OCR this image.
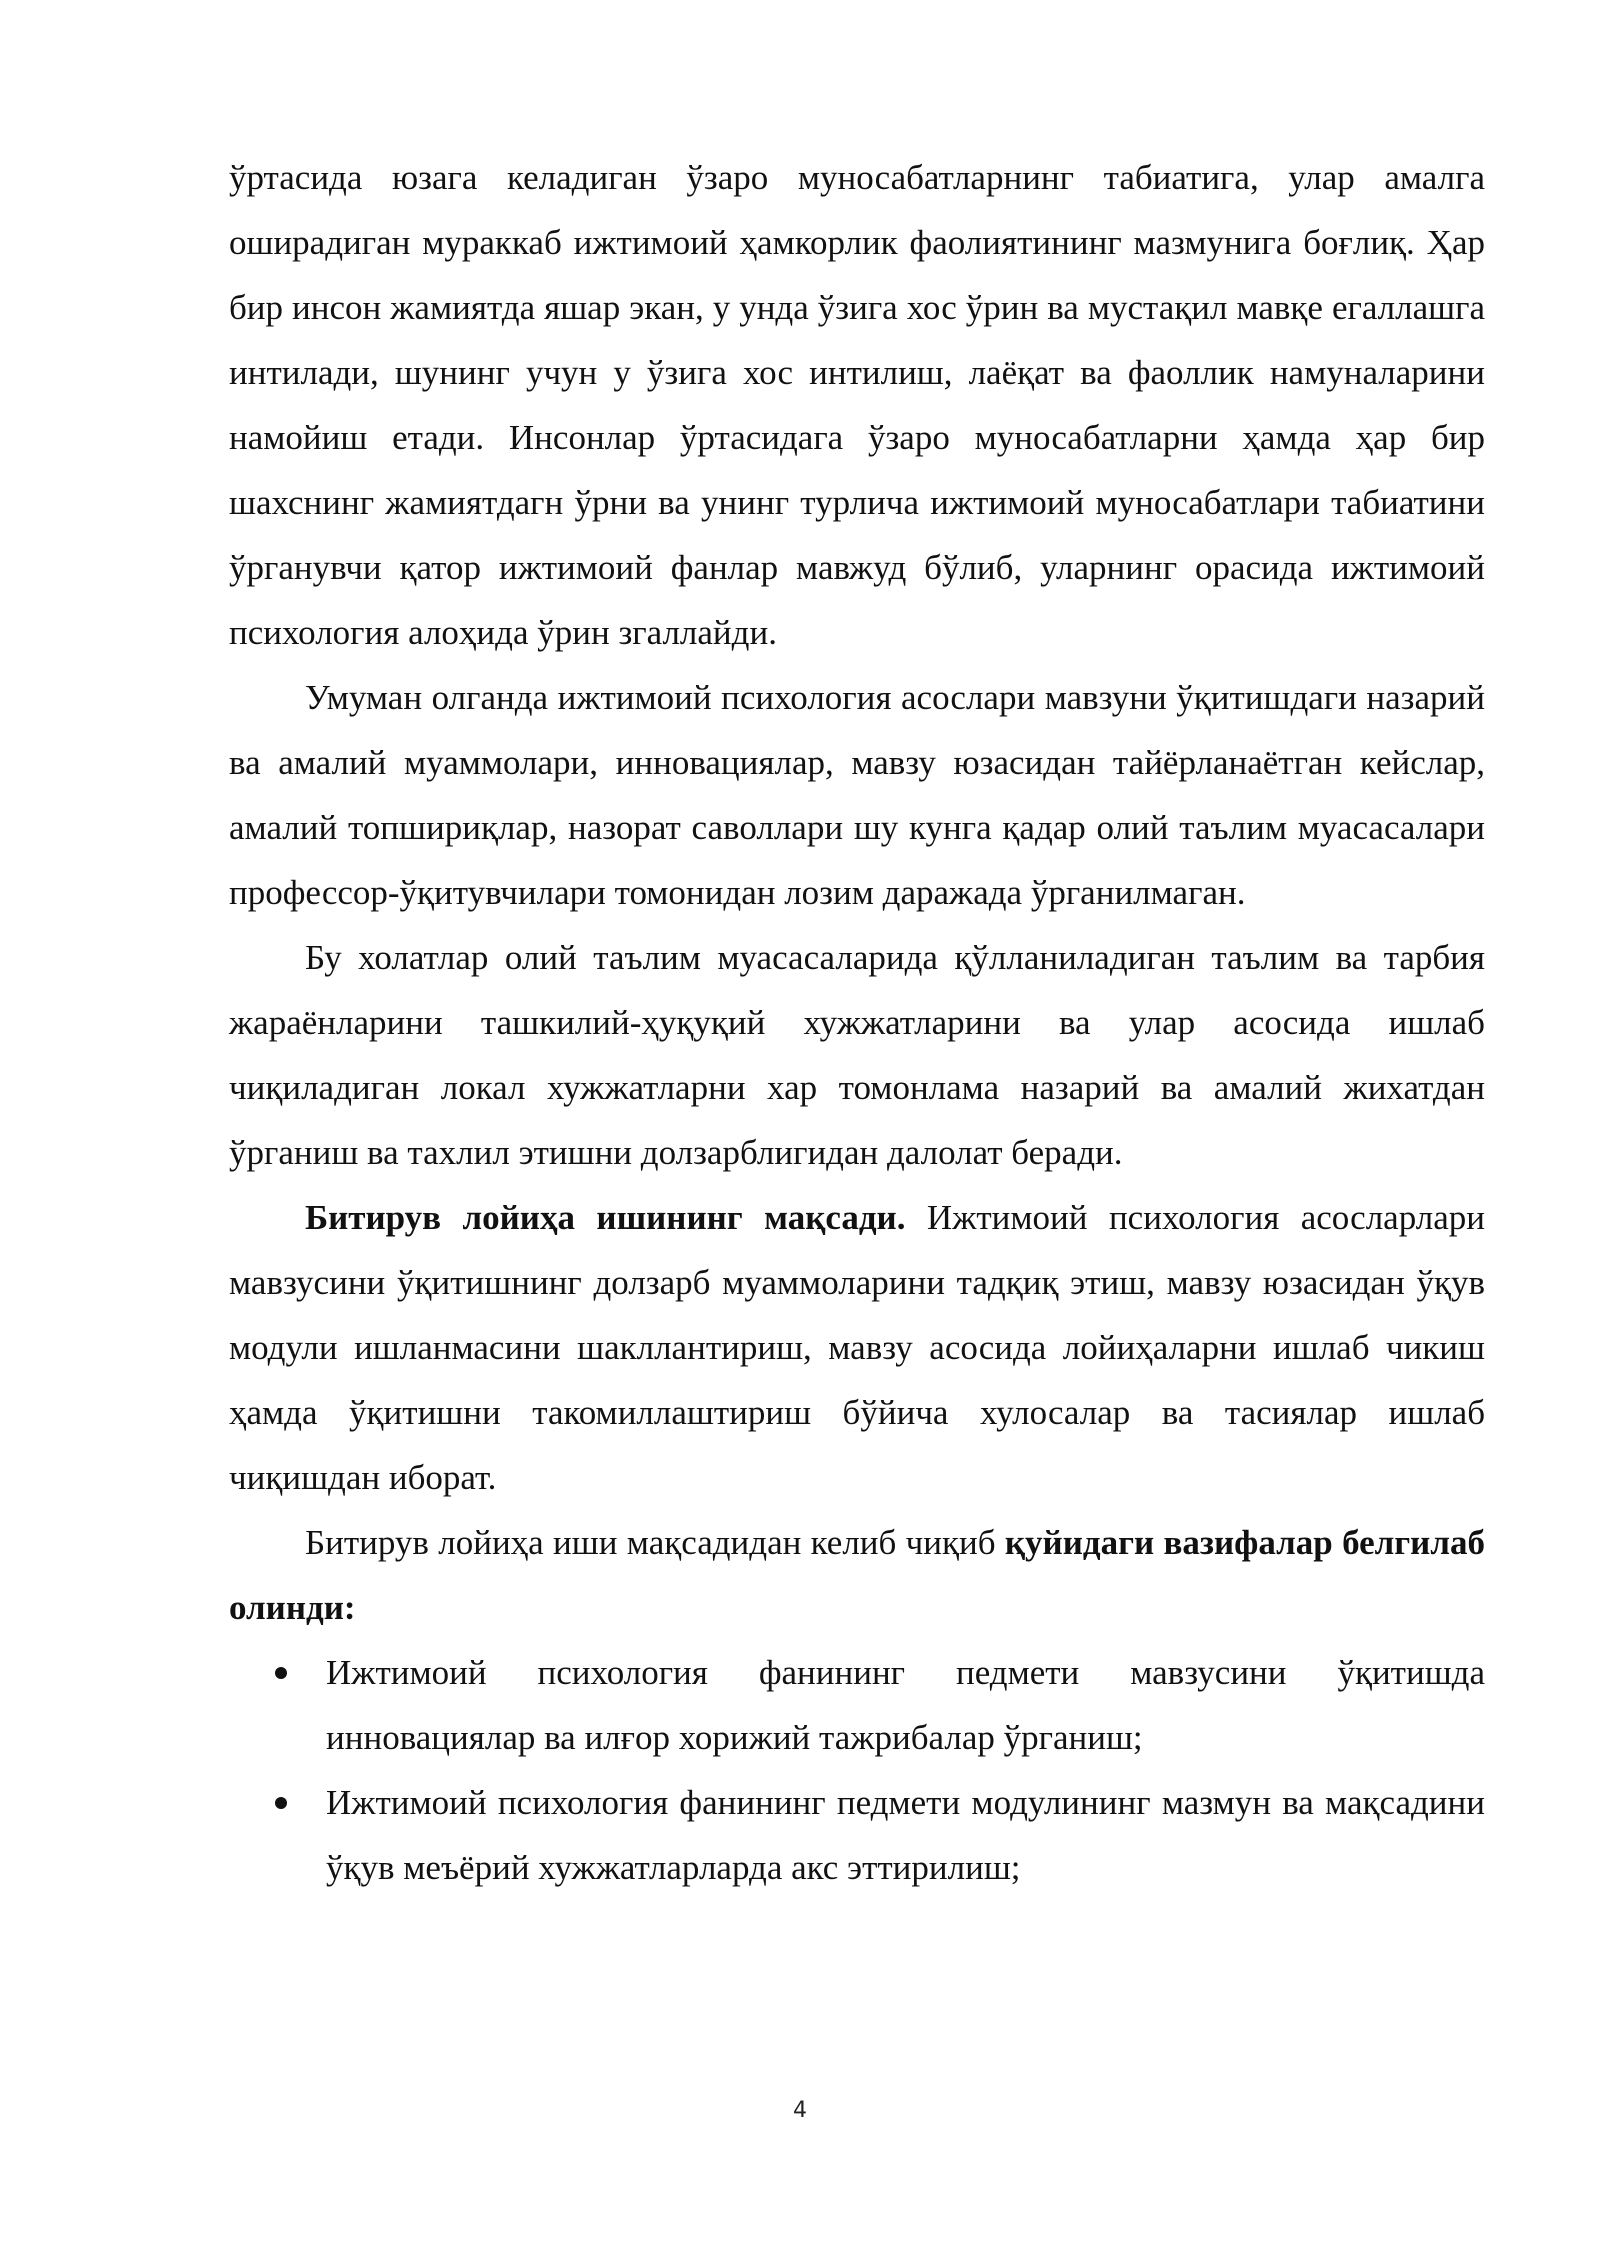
ўртасида юзага келадиган ўзаро муносабатларнинг табиатига, улар амалга оширадиган мураккаб ижтимоий ҳамкорлик фаолиятининг мазмунига боғлиқ. Ҳар бир инсон жамиятда яшар экан, у унда ўзига хос ўрин ва мустақил мавқе егаллашга интилади, шунинг учун у ўзига хос интилиш, лаёқат ва фаоллик намуналарини намойиш етади. Инсонлар ўртасидага ўзаро муносабатларни ҳамда ҳар бир шахснинг жамиятдагн ўрни ва унинг турлича ижтимоий муносабатлари табиатини ўрганувчи қатор ижтимоий фанлар мавжуд бўлиб, уларнинг орасида ижтимоий психология алоҳида ўрин згаллайди.

Умуман олганда ижтимоий психология асослари мавзуни ўқитишдаги назарий ва амалий муаммолари, инновациялар, мавзу юзасидан тайёрланаётган кейслар, амалий топшириқлар, назорат саволлари шу кунга қадар олий таълим муасасалари профессор-ўқитувчилари томонидан лозим даражада ўрганилмаган.

Бу холатлар олий таълим муасасаларида қўлланиладиган таълим ва тарбия жараёнларини ташкилий-ҳуқуқий хужжатларини ва улар асосида ишлаб чиқиладиган локал хужжатларни хар томонлама назарий ва амалий жихатдан ўрганиш ва тахлил этишни долзарблигидан далолат беради.

Битирув лойиҳа ишининг мақсади. Ижтимоий психология асосларлари мавзусини ўқитишнинг долзарб муаммоларини тадқиқ этиш, мавзу юзасидан ўқув модули ишланмасини шакллантириш, мавзу асосида лойиҳаларни ишлаб чикиш ҳамда ўқитишни такомиллаштириш бўйича хулосалар ва тасиялар ишлаб чиқишдан иборат.

Битирув лойиҳа иши мақсадидан келиб чиқиб қуйидаги вазифалар белгилаб олинди:

Ижтимоий психология фанининг педмети мавзусини ўқитишда инновациялар ва илғор хорижий тажрибалар ўрганиш;
Ижтимоий психология фанининг педмети модулининг мазмун ва мақсадини ўқув меъёрий хужжатларларда акс эттирилиш;
4
